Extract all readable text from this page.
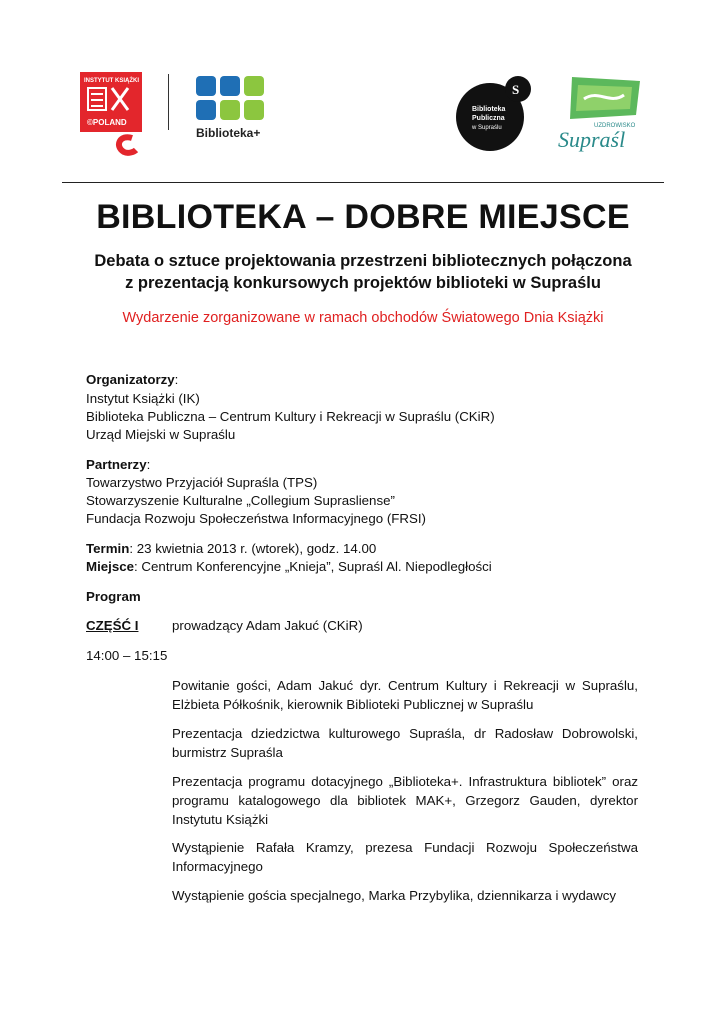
INSTYTUT KSIĄŻKI
©POLAND
Biblioteka+
S
Biblioteka
Publiczna
w Supraślu	UZDROWISKO
Supraśl
BIBLIOTEKA – DOBRE MIEJSCE
Debata o sztuce projektowania przestrzeni bibliotecznych połączona
z prezentacją konkursowych projektów biblioteki w Supraślu
Wydarzenie zorganizowane w ramach obchodów Światowego Dnia Książki
Organizatorzy:
Instytut Książki (IK)
Biblioteka Publiczna – Centrum Kultury i Rekreacji w Supraślu (CKiR)
Urząd Miejski w Supraślu
Partnerzy:
Towarzystwo Przyjaciół Supraśla (TPS)
Stowarzyszenie Kulturalne „Collegium Suprasliense”
Fundacja Rozwoju Społeczeństwa Informacyjnego (FRSI)
Termin: 23 kwietnia 2013 r. (wtorek), godz. 14.00
Miejsce: Centrum Konferencyjne „Knieja”, Supraśl Al. Niepodległości
Program
CZĘŚĆ I	prowadzący Adam Jakuć (CKiR)
14:00 – 15:15
Powitanie gości, Adam Jakuć dyr. Centrum Kultury i Rekreacji w Supraślu, Elżbieta Półkośnik, kierownik Biblioteki Publicznej w Supraślu
Prezentacja dziedzictwa kulturowego Supraśla, dr Radosław Dobrowolski, burmistrz Supraśla
Prezentacja programu dotacyjnego „Biblioteka+. Infrastruktura bibliotek” oraz programu katalogowego dla bibliotek MAK+, Grzegorz Gauden, dyrektor Instytutu Książki
Wystąpienie Rafała Kramzy, prezesa Fundacji Rozwoju Społeczeństwa Informacyjnego
Wystąpienie gościa specjalnego, Marka Przybylika, dziennikarza i wydawcy
